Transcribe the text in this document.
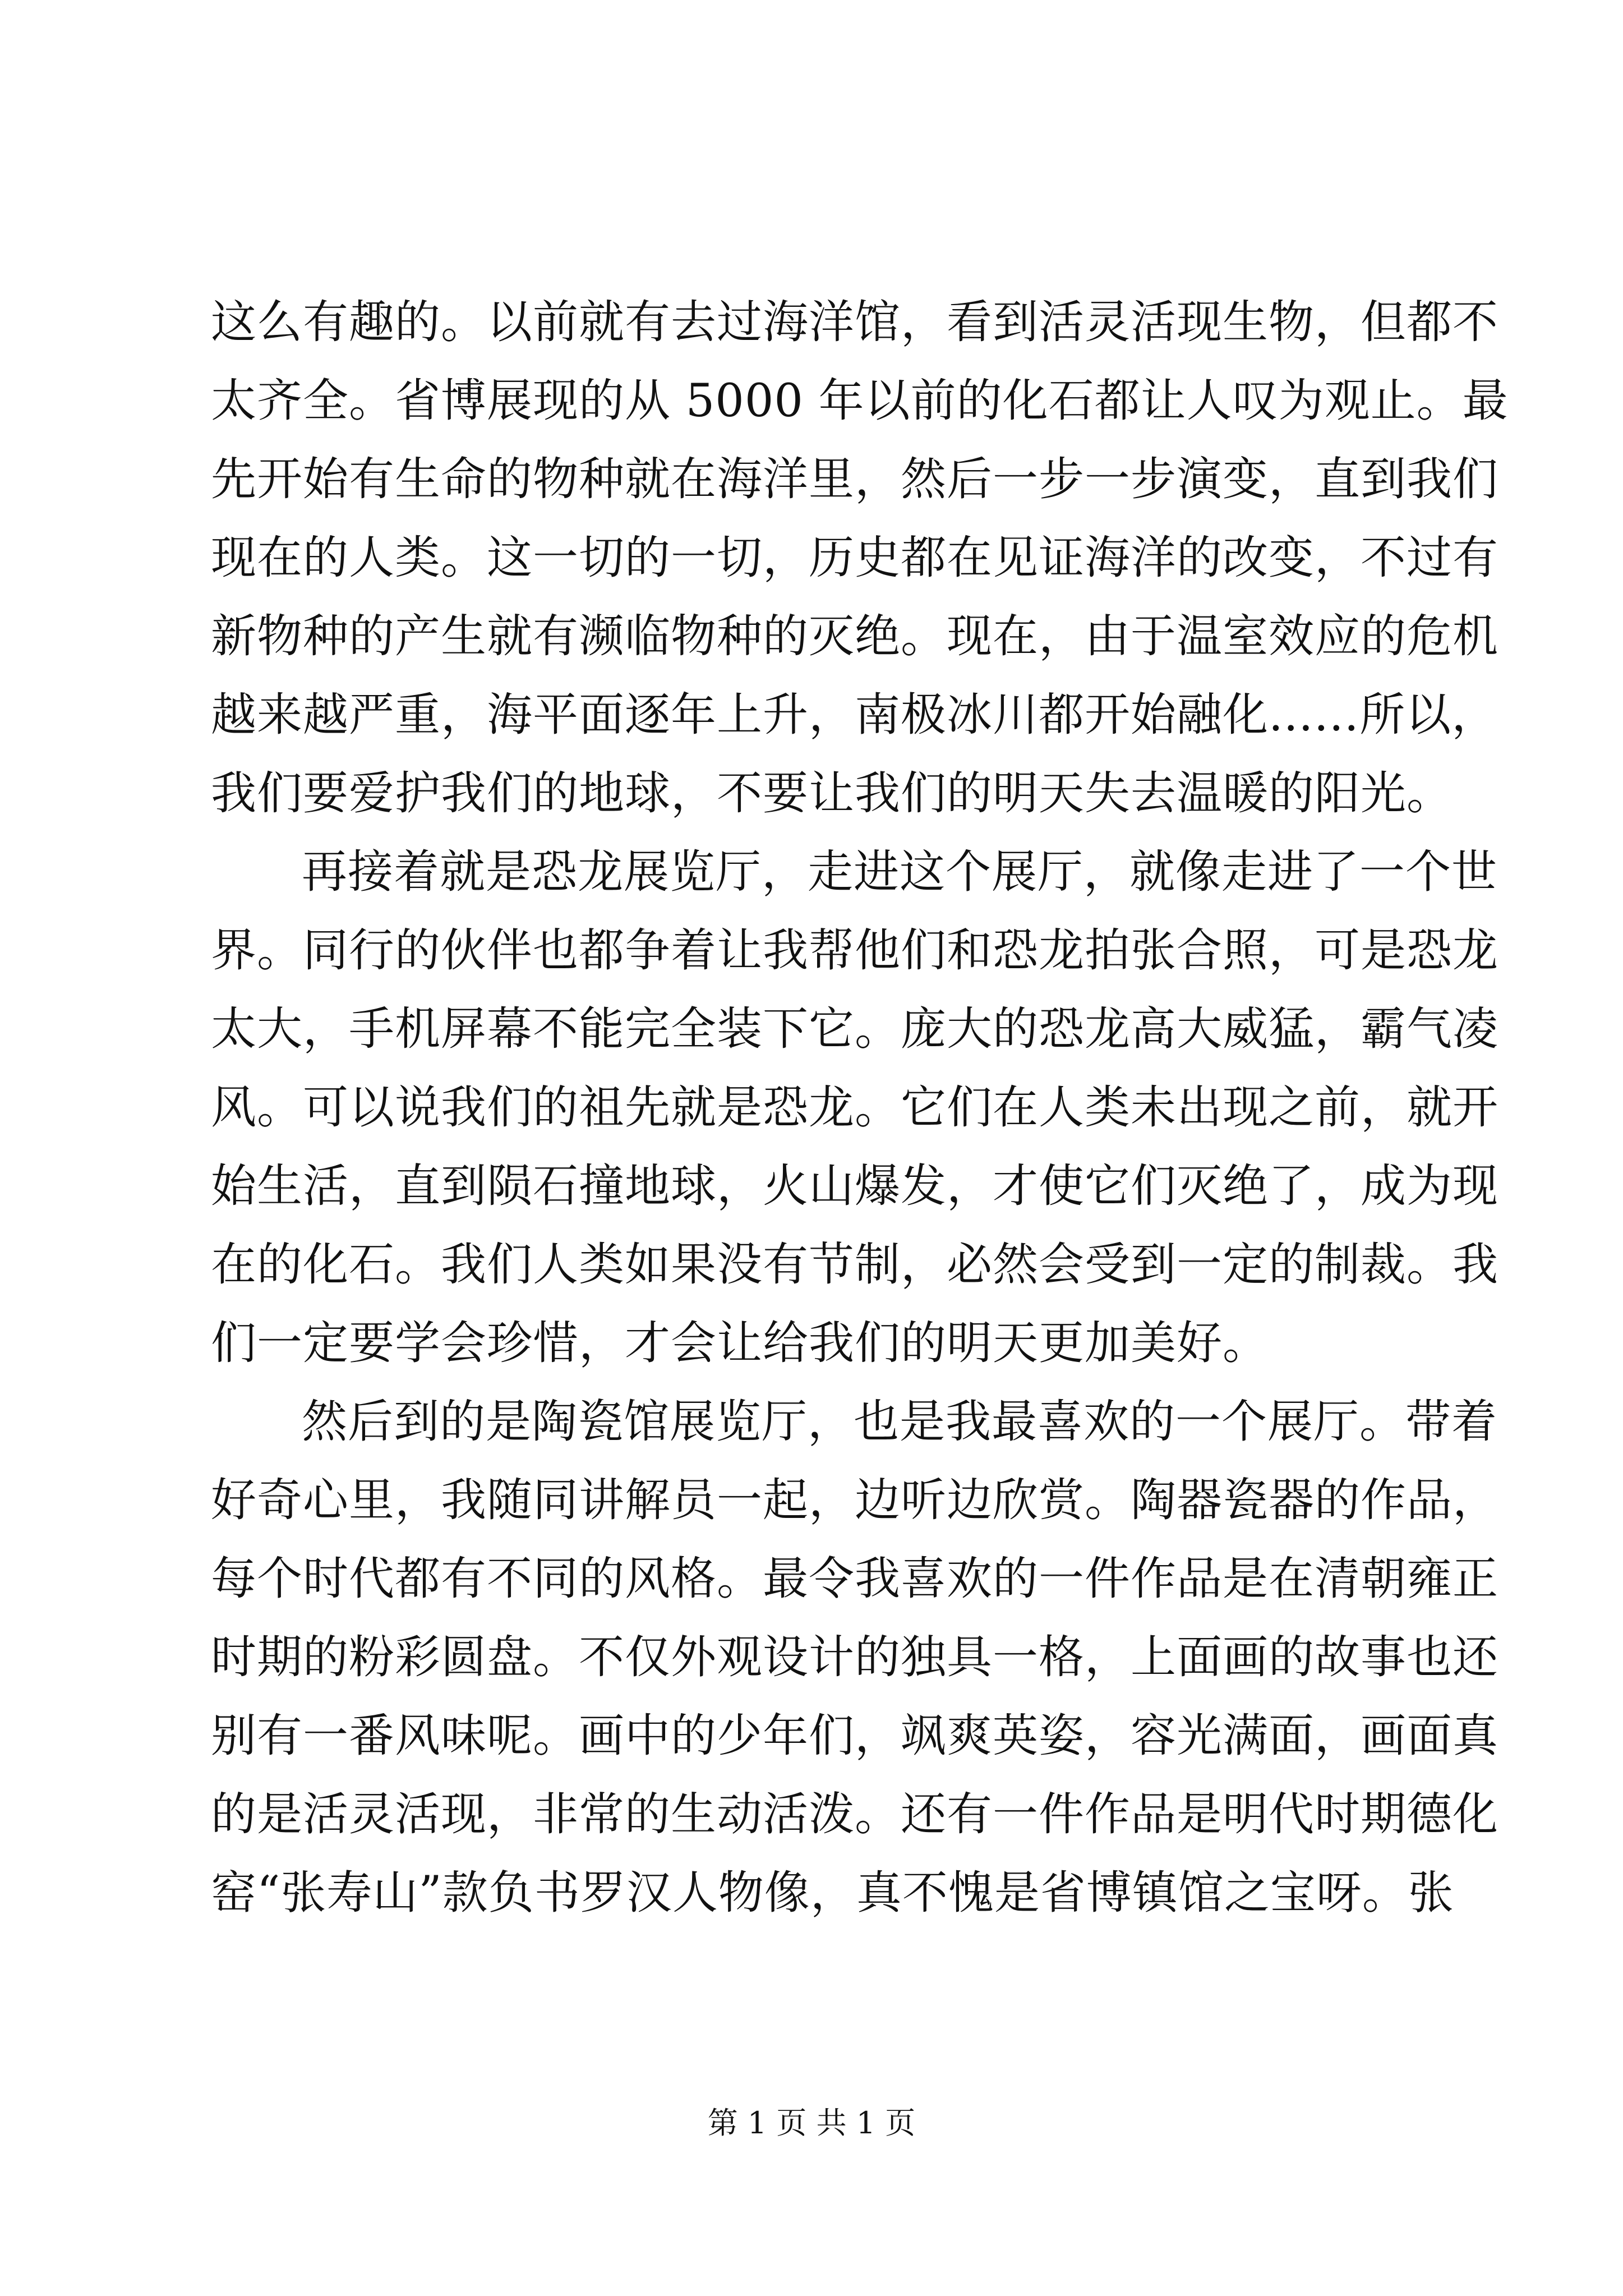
这么有趣的。以前就有去过海洋馆，看到活灵活现生物，但都不
太齐全。省博展现的从 5000 年以前的化石都让人叹为观止。最
先开始有生命的物种就在海洋里，然后一步一步演变，直到我们
现在的人类。这一切的一切，历史都在见证海洋的改变，不过有
新物种的产生就有濒临物种的灭绝。现在，由于温室效应的危机
越来越严重，海平面逐年上升，南极冰川都开始融化...…所以，
我们要爱护我们的地球，不要让我们的明天失去温暖的阳光。
再接着就是恐龙展览厅，走进这个展厅，就像走进了一个世
界。同行的伙伴也都争着让我帮他们和恐龙拍张合照，可是恐龙
太大，手机屏幕不能完全装下它。庞大的恐龙高大威猛，霸气凌
风。可以说我们的祖先就是恐龙。它们在人类未出现之前，就开
始生活，直到陨石撞地球，火山爆发，才使它们灭绝了，成为现
在的化石。我们人类如果没有节制，必然会受到一定的制裁。我
们一定要学会珍惜，才会让给我们的明天更加美好。
然后到的是陶瓷馆展览厅，也是我最喜欢的一个展厅。带着
好奇心里，我随同讲解员一起，边听边欣赏。陶器瓷器的作品，
每个时代都有不同的风格。最令我喜欢的一件作品是在清朝雍正
时期的粉彩圆盘。不仅外观设计的独具一格，上面画的故事也还
别有一番风味呢。画中的少年们，飒爽英姿，容光满面，画面真
的是活灵活现，非常的生动活泼。还有一件作品是明代时期德化
窑“张寿山”款负书罗汉人物像，真不愧是省博镇馆之宝呀。张
第 1 页 共 1 页
